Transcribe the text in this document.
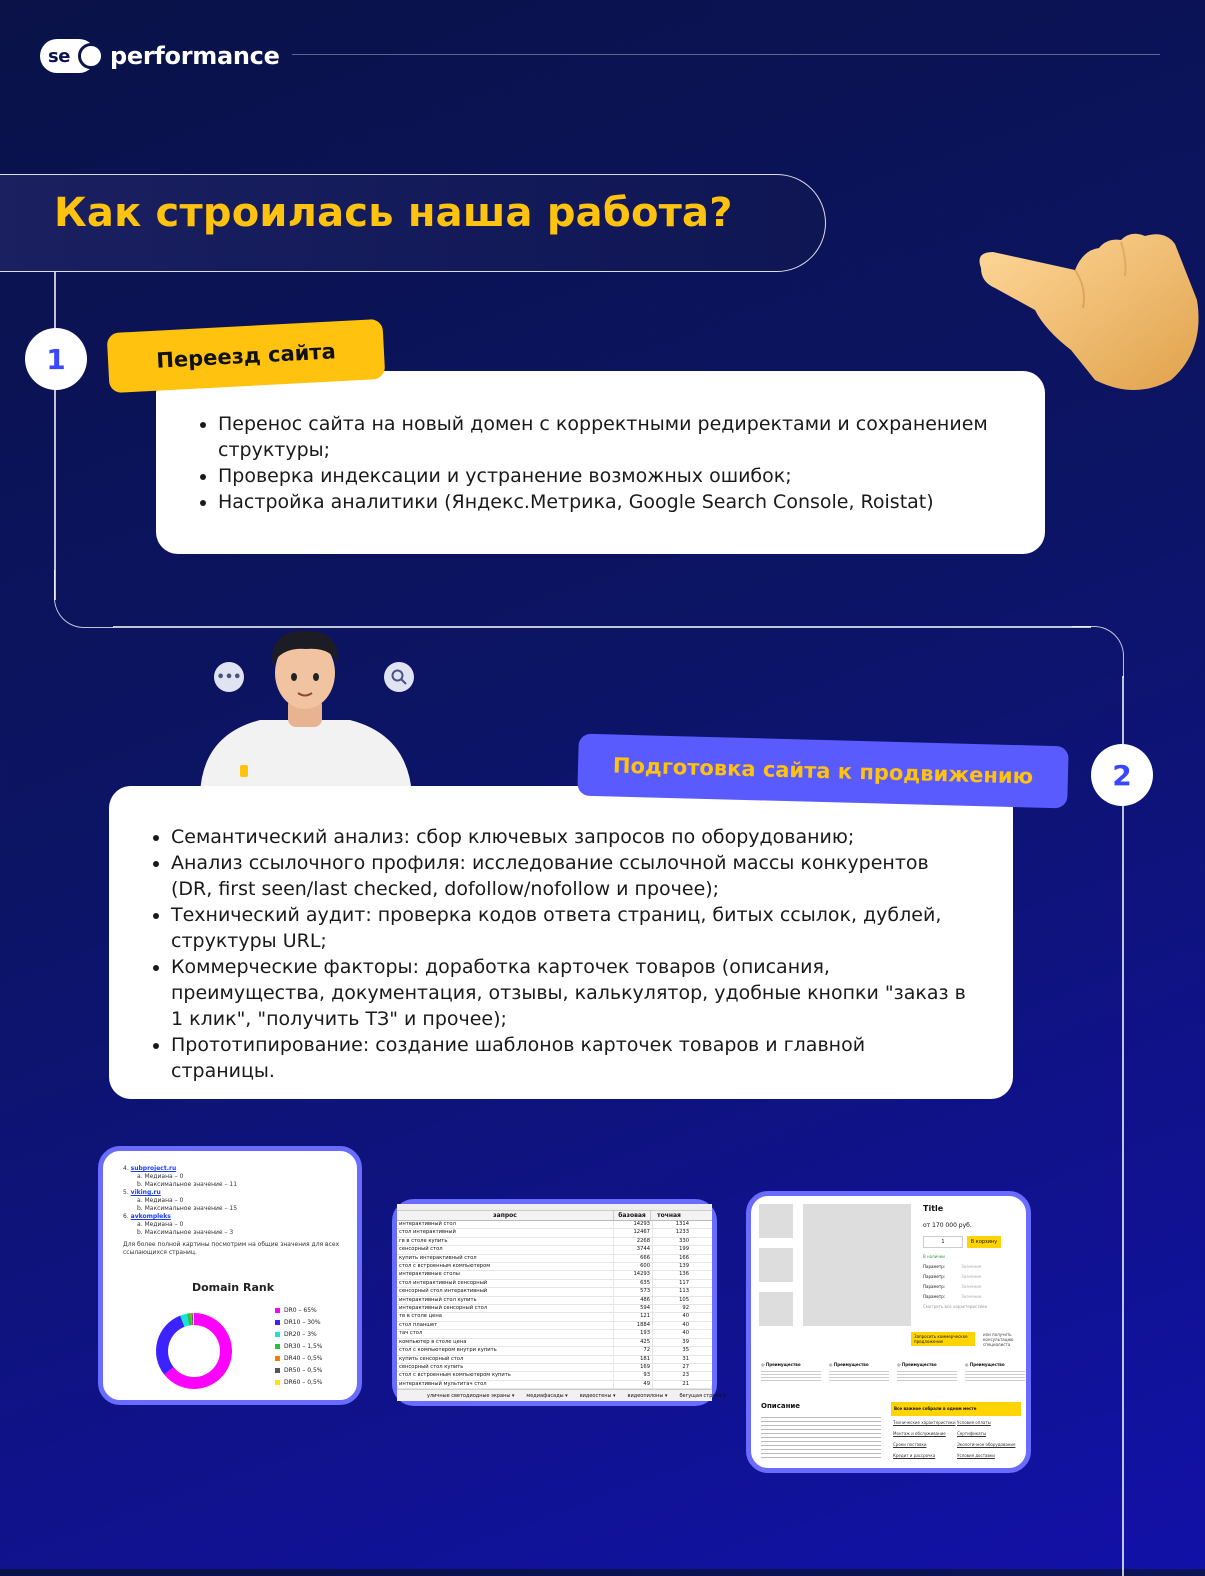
se performance
Как строилась наша работа?
1
• Перенос сайта на новый домен с корректными редиректами и сохранением структуры;
• Проверка индексации и устранение возможных ошибок;
• Настройка аналитики (Яндекс.Метрика, Google Search Console, Roistat)
Переезд сайта
•••
• Семантический анализ: сбор ключевых запросов по оборудованию;
• Анализ ссылочного профиля: исследование ссылочной массы конкурентов (DR, first seen/last checked, dofollow/nofollow и прочее);
• Технический аудит: проверка кодов ответа страниц, битых ссылок, дублей, структуры URL;
• Коммерческие факторы: доработка карточек товаров (описания, преимущества, документация, отзывы, калькулятор, удобные кнопки "заказ в 1 клик", "получить ТЗ" и прочее);
• Прототипирование: создание шаблонов карточек товаров и главной страницы.
Подготовка сайта к продвижению	2
4. subproject.ru
a. Медиана – 0
b. Максимальное значение – 11
5. viking.ru
a. Медиана – 0
b. Максимальное значение – 15
6. avkompleks
a. Медиана – 0
b. Максимальное значение – 3
Для более полной картины посмотрим на общие значения для всех ссылающихся страниц.
Domain Rank
DR0 – 65%
DR10 – 30%
DR20 – 3%
DR30 – 1,5%
DR40 – 0,5%
DR50 – 0,5%
DR60 – 0,5%
запрос	базовая	точная
интерактивный стол	14293	1314
стол интерактивный	12467	1233
гв в столе купить	2268	330
сенсорный стол	3744	199
купить интерактивный стол	666	166
стол с встроенным компьютером	600	139
интерактивные столы	14293	136
стол интерактивный сенсорный	635	117
сенсорный стол интерактивный	573	113
интерактивный стол купить	486	105
интерактивный сенсорный стол	594	92
тв в столе цена	121	40
стол планшет	1884	40
тач стол	193	40
компьютер в столе цена	425	39
стол с компьютером внутри купить	72	35
купить сенсорный стол	181	31
сенсорный стол купить	169	27
стол с встроенным компьютером купить	93	23
интерактивный мультитач стол	49	21
уличные светодиодные экраны ▾ медиафасады ▾ видеостены ▾ видеопилоны ▾ бегущая строка ▾
Title
от 170 000 руб.
1	В корзину
В наличии
Параметр:	Значение
Параметр:	Значение
Параметр:	Значение
Параметр:	Значение
Смотреть все характеристики
Запросить коммерческое предложение
или получить консультацию специалиста
◎ Преимущество	◎ Преимущество	◎ Преимущество	◎ Преимущество
Описание	Все важное собрали в одном месте
Технические характеристики Условия оплаты
Монтаж и обслуживание	Сертификаты
Сроки поставки	Экологичное оборудование
Кредит и рассрочка	Условия доставки
